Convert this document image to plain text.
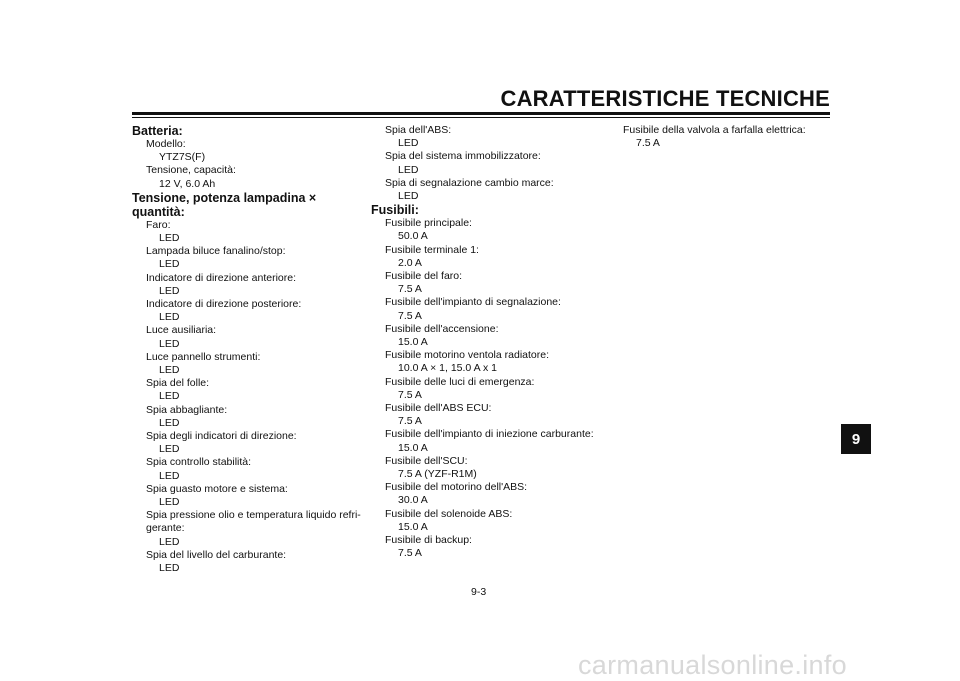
CARATTERISTICHE TECNICHE
Batteria:
Modello:
YTZ7S(F)
Tensione, capacità:
12 V, 6.0 Ah
Tensione, potenza lampadina × quantità:
Faro:
LED
Lampada biluce fanalino/stop:
LED
Indicatore di direzione anteriore:
LED
Indicatore di direzione posteriore:
LED
Luce ausiliaria:
LED
Luce pannello strumenti:
LED
Spia del folle:
LED
Spia abbagliante:
LED
Spia degli indicatori di direzione:
LED
Spia controllo stabilità:
LED
Spia guasto motore e sistema:
LED
Spia pressione olio e temperatura liquido refri-
gerante:
LED
Spia del livello del carburante:
LED
Spia dell'ABS:
LED
Spia del sistema immobilizzatore:
LED
Spia di segnalazione cambio marce:
LED
Fusibili:
Fusibile principale:
50.0 A
Fusibile terminale 1:
2.0 A
Fusibile del faro:
7.5 A
Fusibile dell'impianto di segnalazione:
7.5 A
Fusibile dell'accensione:
15.0 A
Fusibile motorino ventola radiatore:
10.0 A × 1, 15.0 A x 1
Fusibile delle luci di emergenza:
7.5 A
Fusibile dell'ABS ECU:
7.5 A
Fusibile dell'impianto di iniezione carburante:
15.0 A
Fusibile dell'SCU:
7.5 A (YZF-R1M)
Fusibile del motorino dell'ABS:
30.0 A
Fusibile del solenoide ABS:
15.0 A
Fusibile di backup:
7.5 A
Fusibile della valvola a farfalla elettrica:
7.5 A
9-3
9
carmanualsonline.info
